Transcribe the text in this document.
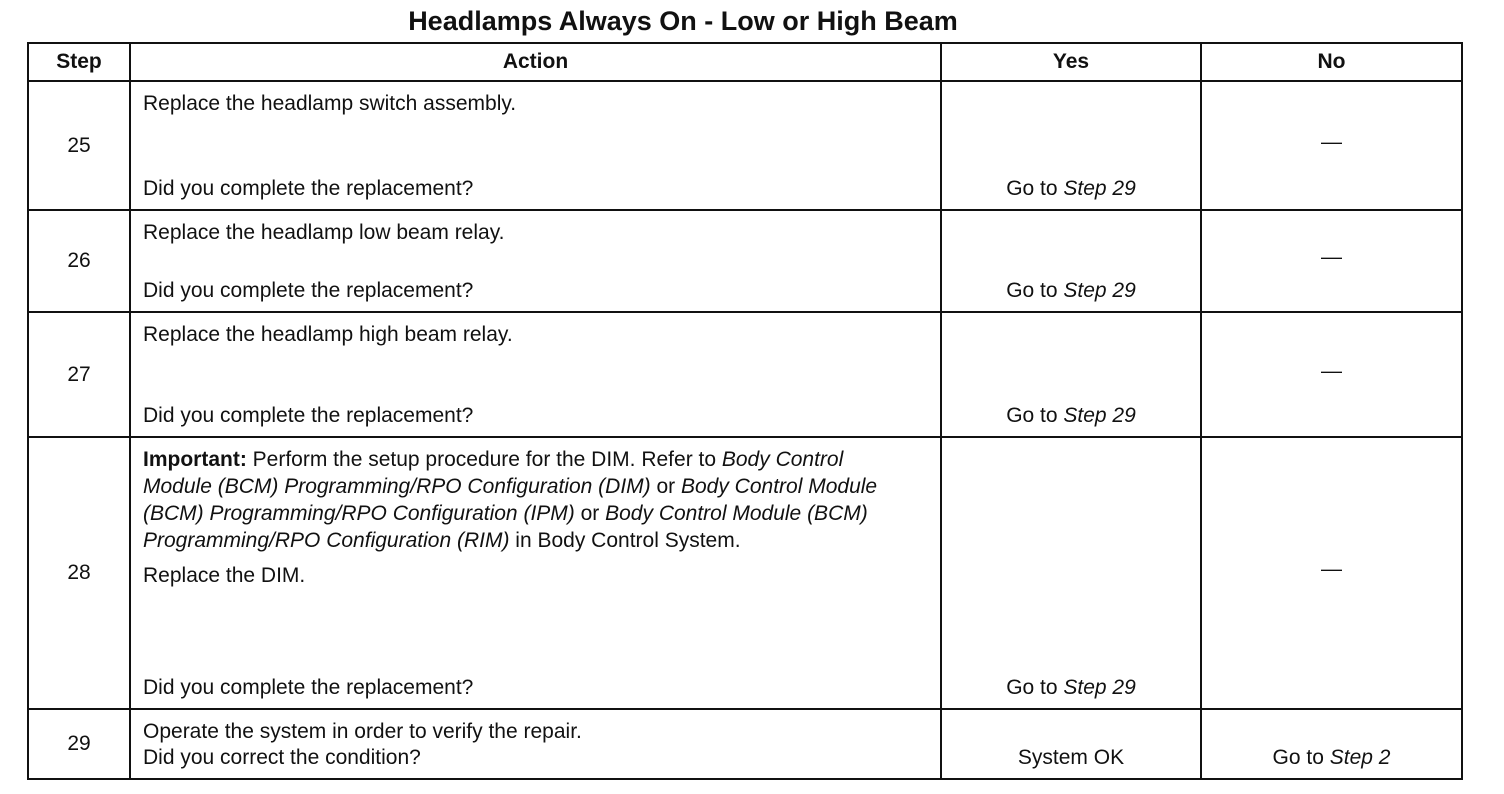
Headlamps Always On - Low or High Beam
Step	Action	Yes	No
25	Replace the headlamp switch assembly.
Did you complete the replacement?	Go to Step 29	—

26	Replace the headlamp low beam relay.
Did you complete the replacement?	Go to Step 29	—

27	Replace the headlamp high beam relay.
Did you complete the replacement?	Go to Step 29	—

28	Important: Perform the setup procedure for the DIM. Refer to Body Control Module (BCM) Programming/RPO Configuration (DIM) or Body Control Module (BCM) Programming/RPO Configuration (IPM) or Body Control Module (BCM) Programming/RPO Configuration (RIM) in Body Control System.
Replace the DIM.
Did you complete the replacement?	Go to Step 29	—

29	Operate the system in order to verify the repair.
Did you correct the condition?	System OK	Go to Step 2
